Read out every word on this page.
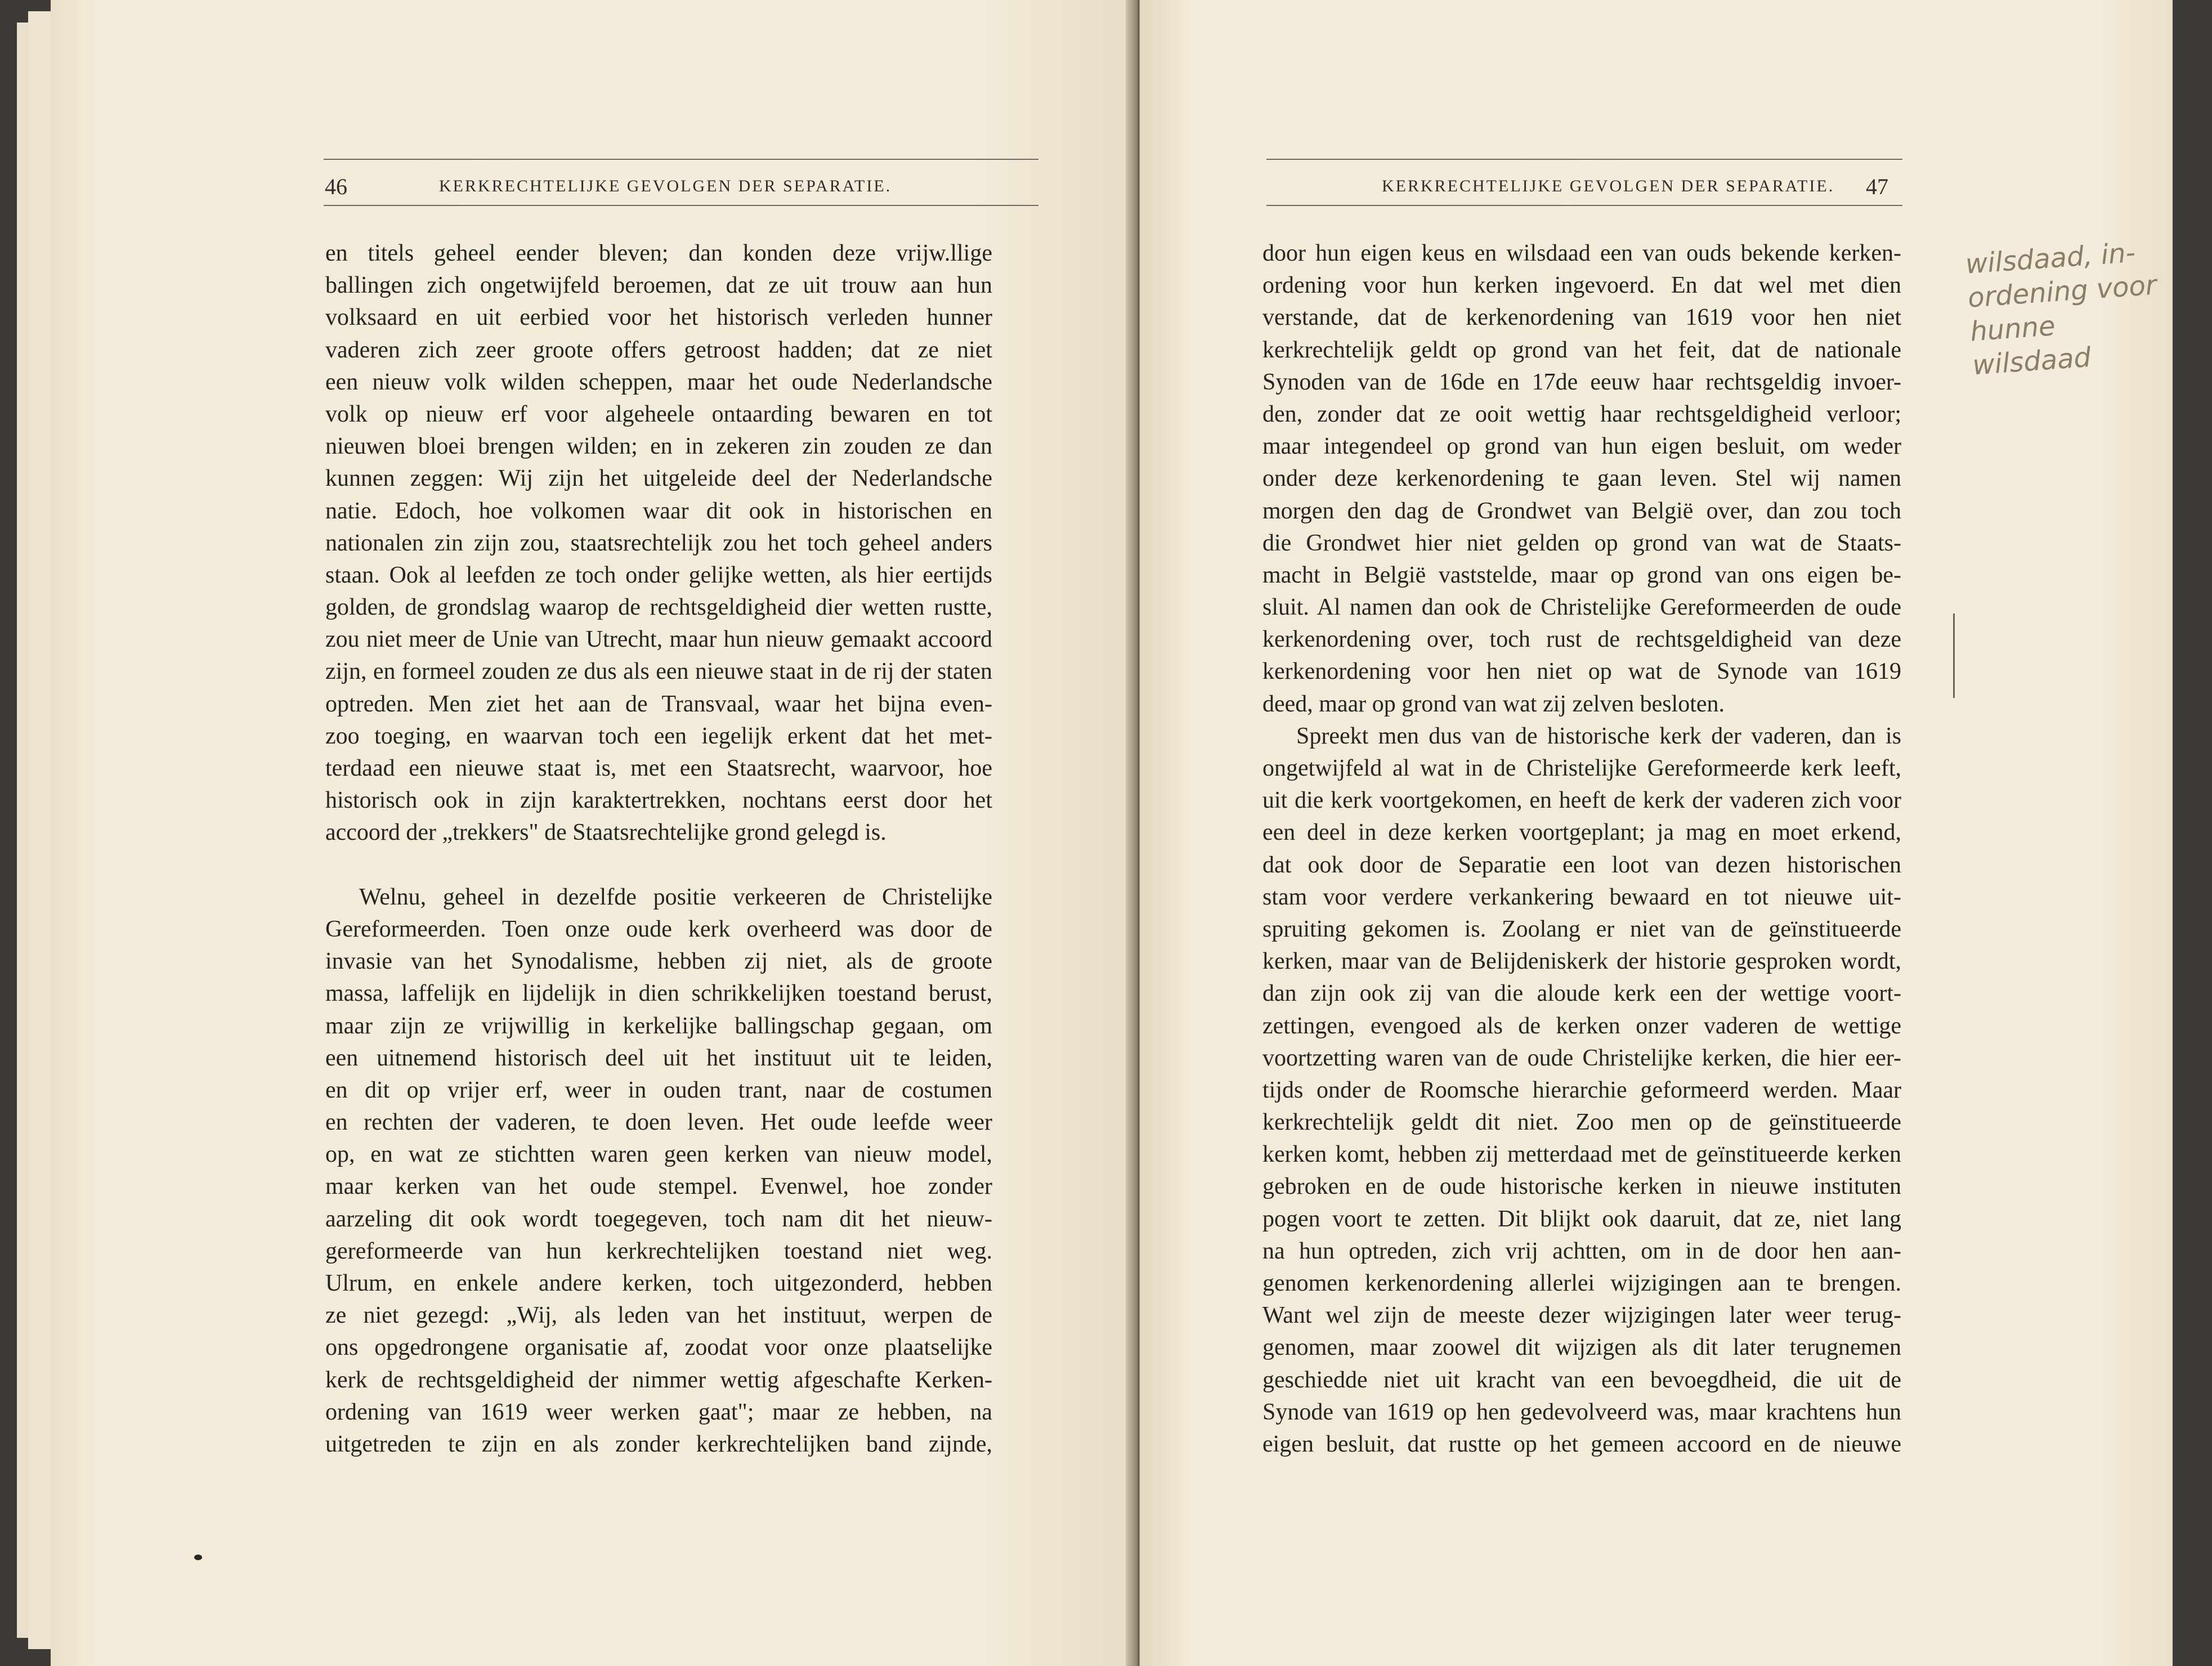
46	KERKRECHTELIJKE GEVOLGEN DER SEPARATIE.
en titels geheel eender bleven; dan konden deze vrijw.llige
ballingen zich ongetwijfeld beroemen, dat ze uit trouw aan hun
volksaard en uit eerbied voor het historisch verleden hunner
vaderen zich zeer groote offers getroost hadden; dat ze niet
een nieuw volk wilden scheppen, maar het oude Nederlandsche
volk op nieuw erf voor algeheele ontaarding bewaren en tot
nieuwen bloei brengen wilden; en in zekeren zin zouden ze dan
kunnen zeggen: Wij zijn het uitgeleide deel der Nederlandsche
natie. Edoch, hoe volkomen waar dit ook in historischen en
nationalen zin zijn zou, staatsrechtelijk zou het toch geheel anders
staan. Ook al leefden ze toch onder gelijke wetten, als hier eertijds
golden, de grondslag waarop de rechtsgeldigheid dier wetten rustte,
zou niet meer de Unie van Utrecht, maar hun nieuw gemaakt accoord
zijn, en formeel zouden ze dus als een nieuwe staat in de rij der staten
optreden. Men ziet het aan de Transvaal, waar het bijna even-
zoo toeging, en waarvan toch een iegelijk erkent dat het met-
terdaad een nieuwe staat is, met een Staatsrecht, waarvoor, hoe
historisch ook in zijn karaktertrekken, nochtans eerst door het
accoord der „trekkers" de Staatsrechtelijke grond gelegd is.
Welnu, geheel in dezelfde positie verkeeren de Christelijke
Gereformeerden. Toen onze oude kerk overheerd was door de
invasie van het Synodalisme, hebben zij niet, als de groote
massa, laffelijk en lijdelijk in dien schrikkelijken toestand berust,
maar zijn ze vrijwillig in kerkelijke ballingschap gegaan, om
een uitnemend historisch deel uit het instituut uit te leiden,
en dit op vrijer erf, weer in ouden trant, naar de costumen
en rechten der vaderen, te doen leven. Het oude leefde weer
op, en wat ze stichtten waren geen kerken van nieuw model,
maar kerken van het oude stempel. Evenwel, hoe zonder
aarzeling dit ook wordt toegegeven, toch nam dit het nieuw-
gereformeerde van hun kerkrechtelijken toestand niet weg.
Ulrum, en enkele andere kerken, toch uitgezonderd, hebben
ze niet gezegd: „Wij, als leden van het instituut, werpen de
ons opgedrongene organisatie af, zoodat voor onze plaatselijke
kerk de rechtsgeldigheid der nimmer wettig afgeschafte Kerken-
ordening van 1619 weer werken gaat"; maar ze hebben, na
uitgetreden te zijn en als zonder kerkrechtelijken band zijnde,
KERKRECHTELIJKE GEVOLGEN DER SEPARATIE. 47
door hun eigen keus en wilsdaad een van ouds bekende kerken-
ordening voor hun kerken ingevoerd. En dat wel met dien
verstande, dat de kerkenordening van 1619 voor hen niet
kerkrechtelijk geldt op grond van het feit, dat de nationale
Synoden van de 16de en 17de eeuw haar rechtsgeldig invoer-
den, zonder dat ze ooit wettig haar rechtsgeldigheid verloor;
maar integendeel op grond van hun eigen besluit, om weder
onder deze kerkenordening te gaan leven. Stel wij namen
morgen den dag de Grondwet van België over, dan zou toch
die Grondwet hier niet gelden op grond van wat de Staats-
macht in België vaststelde, maar op grond van ons eigen be-
sluit. Al namen dan ook de Christelijke Gereformeerden de oude
kerkenordening over, toch rust de rechtsgeldigheid van deze
kerkenordening voor hen niet op wat de Synode van 1619
deed, maar op grond van wat zij zelven besloten.
Spreekt men dus van de historische kerk der vaderen, dan is
ongetwijfeld al wat in de Christelijke Gereformeerde kerk leeft,
uit die kerk voortgekomen, en heeft de kerk der vaderen zich voor
een deel in deze kerken voortgeplant; ja mag en moet erkend,
dat ook door de Separatie een loot van dezen historischen
stam voor verdere verkankering bewaard en tot nieuwe uit-
spruiting gekomen is. Zoolang er niet van de geïnstitueerde
kerken, maar van de Belijdeniskerk der historie gesproken wordt,
dan zijn ook zij van die aloude kerk een der wettige voort-
zettingen, evengoed als de kerken onzer vaderen de wettige
voortzetting waren van de oude Christelijke kerken, die hier eer-
tijds onder de Roomsche hierarchie geformeerd werden. Maar
kerkrechtelijk geldt dit niet. Zoo men op de geïnstitueerde
kerken komt, hebben zij metterdaad met de geïnstitueerde kerken
gebroken en de oude historische kerken in nieuwe instituten
pogen voort te zetten. Dit blijkt ook daaruit, dat ze, niet lang
na hun optreden, zich vrij achtten, om in de door hen aan-
genomen kerkenordening allerlei wijzigingen aan te brengen.
Want wel zijn de meeste dezer wijzigingen later weer terug-
genomen, maar zoowel dit wijzigen als dit later terugnemen
geschiedde niet uit kracht van een bevoegdheid, die uit de
Synode van 1619 op hen gedevolveerd was, maar krachtens hun
eigen besluit, dat rustte op het gemeen accoord en de nieuwe
wilsdaad, in-
ordening voor
hunne
wilsdaad
